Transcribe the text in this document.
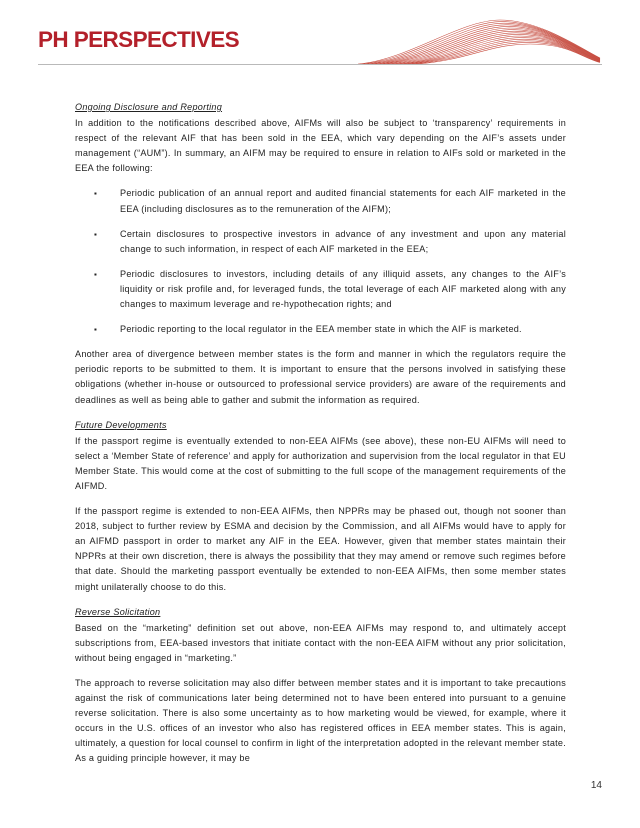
PH PERSPECTIVES

Ongoing Disclosure and Reporting

In addition to the notifications described above, AIFMs will also be subject to ‘transparency’ requirements in respect of the relevant AIF that has been sold in the EEA, which vary depending on the AIF’s assets under management (“AUM”). In summary, an AIFM may be required to ensure in relation to AIFs sold or marketed in the EEA the following:

▪	Periodic publication of an annual report and audited financial statements for each AIF marketed in the EEA (including disclosures as to the remuneration of the AIFM);
▪	Certain disclosures to prospective investors in advance of any investment and upon any material change to such information, in respect of each AIF marketed in the EEA;
▪	Periodic disclosures to investors, including details of any illiquid assets, any changes to the AIF’s liquidity or risk profile and, for leveraged funds, the total leverage of each AIF marketed along with any changes to maximum leverage and re-hypothecation rights; and
▪	Periodic reporting to the local regulator in the EEA member state in which the AIF is marketed.

Another area of divergence between member states is the form and manner in which the regulators require the periodic reports to be submitted to them. It is important to ensure that the persons involved in satisfying these obligations (whether in-house or outsourced to professional service providers) are aware of the requirements and deadlines as well as being able to gather and submit the information as required.

Future Developments

If the passport regime is eventually extended to non-EEA AIFMs (see above), these non-EU AIFMs will need to select a ‘Member State of reference’ and apply for authorization and supervision from the local regulator in that EU Member State. This would come at the cost of submitting to the full scope of the management requirements of the AIFMD.

If the passport regime is extended to non-EEA AIFMs, then NPPRs may be phased out, though not sooner than 2018, subject to further review by ESMA and decision by the Commission, and all AIFMs would have to apply for an AIFMD passport in order to market any AIF in the EEA. However, given that member states maintain their NPPRs at their own discretion, there is always the possibility that they may amend or remove such regimes before that date. Should the marketing passport eventually be extended to non-EEA AIFMs, then some member states might unilaterally choose to do this.

Reverse Solicitation

Based on the “marketing” definition set out above, non-EEA AIFMs may respond to, and ultimately accept subscriptions from, EEA-based investors that initiate contact with the non-EEA AIFM without any prior solicitation, without being engaged in “marketing.”

The approach to reverse solicitation may also differ between member states and it is important to take precautions against the risk of communications later being determined not to have been entered into pursuant to a genuine reverse solicitation. There is also some uncertainty as to how marketing would be viewed, for example, where it occurs in the U.S. offices of an investor who also has registered offices in EEA member states. This is again, ultimately, a question for local counsel to confirm in light of the interpretation adopted in the relevant member state. As a guiding principle however, it may be

14
